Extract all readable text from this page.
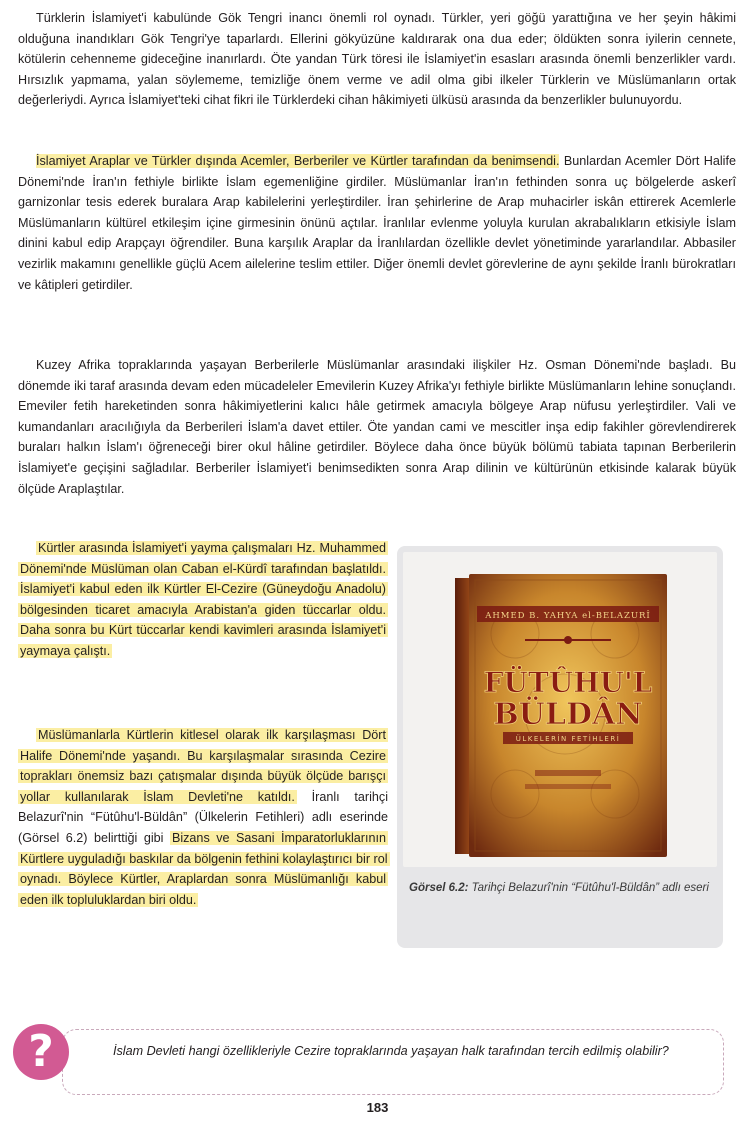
Türklerin İslamiyet'i kabulünde Gök Tengri inancı önemli rol oynadı. Türkler, yeri göğü yarattığına ve her şeyin hâkimi olduğuna inandıkları Gök Tengri'ye taparlardı. Ellerini gökyüzüne kaldırarak ona dua eder; öldükten sonra iyilerin cennete, kötülerin cehenneme gideceğine inanırlardı. Öte yandan Türk töresi ile İslamiyet'in esasları arasında önemli benzerlikler vardı. Hırsızlık yapmama, yalan söylememe, temizliğe önem verme ve adil olma gibi ilkeler Türklerin ve Müslümanların ortak değerleriydi. Ayrıca İslamiyet'teki cihat fikri ile Türklerdeki cihan hâkimiyeti ülküsü arasında da benzerlikler bulunuyordu.

İslamiyet Araplar ve Türkler dışında Acemler, Berberiler ve Kürtler tarafından da benimsendi. Bunlardan Acemler Dört Halife Dönemi'nde İran'ın fethiyle birlikte İslam egemenliğine girdiler. Müslümanlar İran'ın fethinden sonra uç bölgelerde askerî garnizonlar tesis ederek buralara Arap kabilelerini yerleştirdiler. İran şehirlerine de Arap muhacirler iskân ettirerek Acemlerle Müslümanların kültürel etkileşim içine girmesinin önünü açtılar. İranlılar evlenme yoluyla kurulan akrabalıkların etkisiyle İslam dinini kabul edip Arapçayı öğrendiler. Buna karşılık Araplar da İranlılardan özellikle devlet yönetiminde yararlandılar. Abbasiler vezirlik makamını genellikle güçlü Acem ailelerine teslim ettiler. Diğer önemli devlet görevlerine de aynı şekilde İranlı bürokratları ve kâtipleri getirdiler.

Kuzey Afrika topraklarında yaşayan Berberilerle Müslümanlar arasındaki ilişkiler Hz. Osman Dönemi'nde başladı. Bu dönemde iki taraf arasında devam eden mücadeleler Emevilerin Kuzey Afrika'yı fethiyle birlikte Müslümanların lehine sonuçlandı. Emeviler fetih hareketinden sonra hâkimiyetlerini kalıcı hâle getirmek amacıyla bölgeye Arap nüfusu yerleştirdiler. Vali ve kumandanları aracılığıyla da Berberileri İslam'a davet ettiler. Öte yandan cami ve mescitler inşa edip fakihler görevlendirerek buraları halkın İslam'ı öğreneceği birer okul hâline getirdiler. Böylece daha önce büyük bölümü tabiata tapınan Berberilerin İslamiyet'e geçişini sağladılar. Berberiler İslamiyet'i benimsedikten sonra Arap dilinin ve kültürünün etkisinde kalarak büyük ölçüde Araplaştılar.

Kürtler arasında İslamiyet'i yayma çalışmaları Hz. Muhammed Dönemi'nde Müslüman olan Caban el-Kürdî tarafından başlatıldı. İslamiyet'i kabul eden ilk Kürtler El-Cezire (Güneydoğu Anadolu) bölgesinden ticaret amacıyla Arabistan'a giden tüccarlar oldu. Daha sonra bu Kürt tüccarlar kendi kavimleri arasında İslamiyet'i yaymaya çalıştı.

Müslümanlarla Kürtlerin kitlesel olarak ilk karşılaşması Dört Halife Dönemi'nde yaşandı. Bu karşılaşmalar sırasında Cezire toprakları önemsiz bazı çatışmalar dışında büyük ölçüde barışçı yollar kullanılarak İslam Devleti'ne katıldı. İranlı tarihçi Belazurî'nin “Fütûhu'l-Büldân” (Ülkelerin Fetihleri) adlı eserinde (Görsel 6.2) belirttiği gibi Bizans ve Sasani İmparatorluklarının Kürtlere uyguladığı baskılar da bölgenin fethini kolaylaştırıcı bir rol oynadı. Böylece Kürtler, Araplardan sonra Müslümanlığı kabul eden ilk topluluklardan biri oldu.

AHMED B. YAHYA el-BELAZURÎ
FÜTÛHU'L
BÜLDÂN
ÜLKELERİN FETİHLERİ

Görsel 6.2: Tarihçi Belazurî'nin “Fütûhu'l-Büldân” adlı eseri

İslam Devleti hangi özellikleriyle Cezire topraklarında yaşayan halk tarafından tercih edilmiş olabilir?

?
183
